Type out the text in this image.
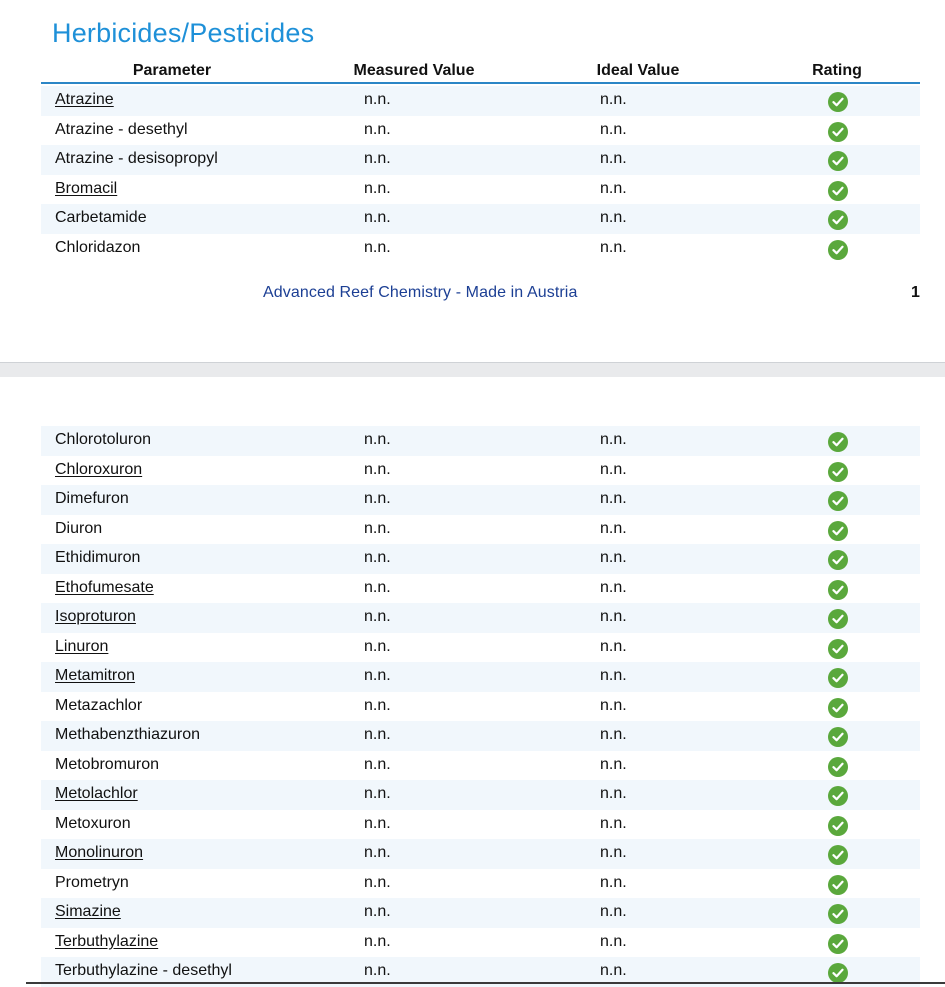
Herbicides/Pesticides
Parameter	Measured Value	Ideal Value	Rating
Atrazine	n.n.	n.n.
Atrazine - desethyl	n.n.	n.n.
Atrazine - desisopropyl	n.n.	n.n.
Bromacil	n.n.	n.n.
Carbetamide	n.n.	n.n.
Chloridazon	n.n.	n.n.
Advanced Reef Chemistry - Made in Austria	1
Chlorotoluron	n.n.	n.n.
Chloroxuron	n.n.	n.n.
Dimefuron	n.n.	n.n.
Diuron	n.n.	n.n.
Ethidimuron	n.n.	n.n.
Ethofumesate	n.n.	n.n.
Isoproturon	n.n.	n.n.
Linuron	n.n.	n.n.
Metamitron	n.n.	n.n.
Metazachlor	n.n.	n.n.
Methabenzthiazuron	n.n.	n.n.
Metobromuron	n.n.	n.n.
Metolachlor	n.n.	n.n.
Metoxuron	n.n.	n.n.
Monolinuron	n.n.	n.n.
Prometryn	n.n.	n.n.
Simazine	n.n.	n.n.
Terbuthylazine	n.n.	n.n.
Terbuthylazine - desethyl	n.n.	n.n.
